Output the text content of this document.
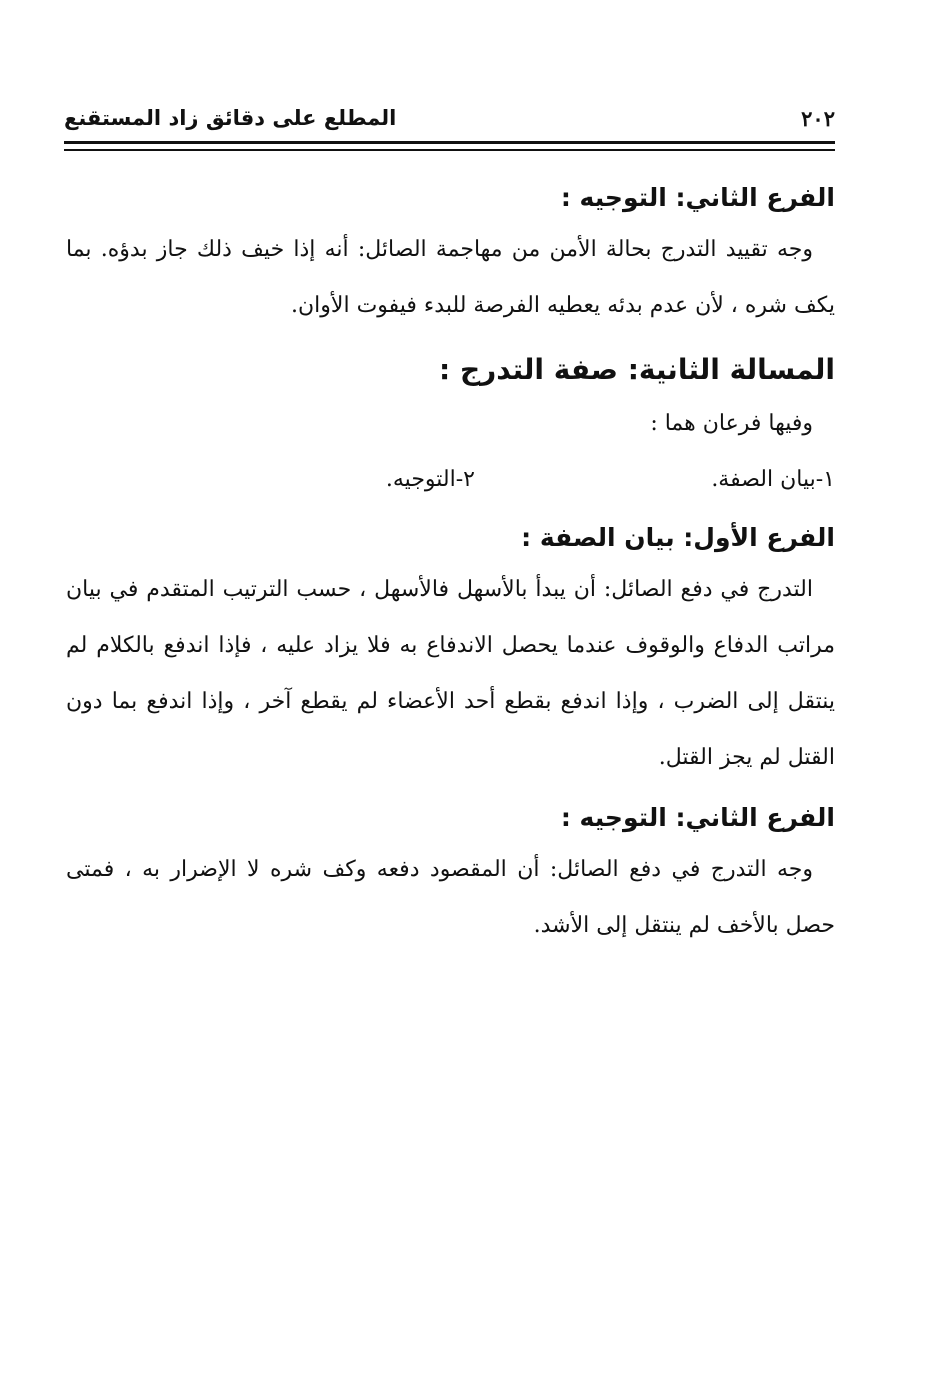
٢٠٢
المطلع على دقائق زاد المستقنع
الفرع الثاني: التوجيه :

وجه تقييد التدرج بحالة الأمن من مهاجمة الصائل: أنه إذا خيف ذلك جاز بدؤه. بما يكف شره ، لأن عدم بدئه يعطيه الفرصة للبدء فيفوت الأوان.

المسالة الثانية: صفة التدرج :

وفيها فرعان هما :

١-بيان الصفة.
٢-التوجيه.
الفرع الأول: بيان الصفة :

التدرج في دفع الصائل: أن يبدأ بالأسهل فالأسهل ، حسب الترتيب المتقدم في بيان مراتب الدفاع والوقوف عندما يحصل الاندفاع به فلا يزاد عليه ، فإذا اندفع بالكلام لم ينتقل إلى الضرب ، وإذا اندفع بقطع أحد الأعضاء لم يقطع آخر ، وإذا اندفع بما دون القتل لم يجز القتل.

الفرع الثاني: التوجيه :

وجه التدرج في دفع الصائل: أن المقصود دفعه وكف شره لا الإضرار به ، فمتى حصل بالأخف لم ينتقل إلى الأشد.
